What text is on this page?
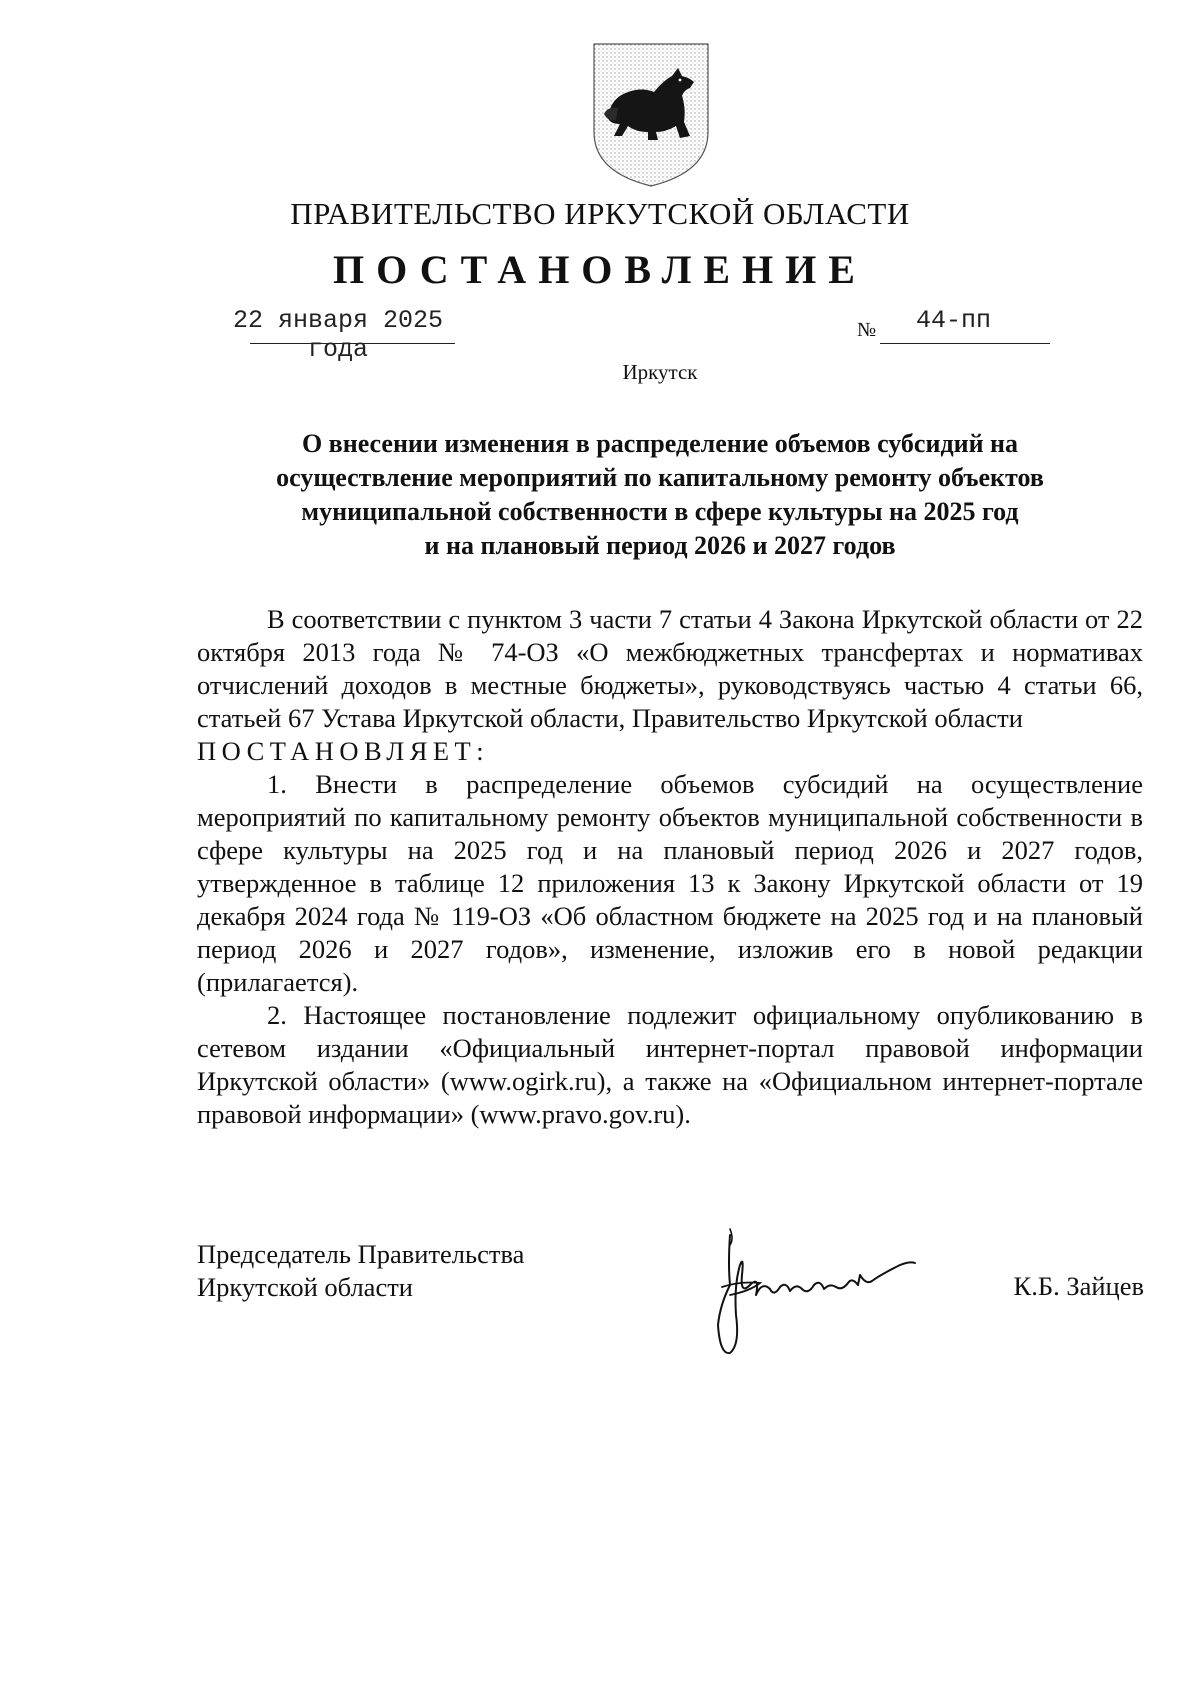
ПРАВИТЕЛЬСТВО ИРКУТСКОЙ ОБЛАСТИ
ПОСТАНОВЛЕНИЕ
22 января 2025 года
№	44-пп
Иркутск
О внесении изменения в распределение объемов субсидий на
осуществление мероприятий по капитальному ремонту объектов
муниципальной собственности в сфере культуры на 2025 год
и на плановый период 2026 и 2027 годов

В соответствии с пунктом 3 части 7 статьи 4 Закона Иркутской области от 22 октября 2013 года № 74-ОЗ «О межбюджетных трансфертах и нормативах отчислений доходов в местные бюджеты», руководствуясь частью 4 статьи 66, статьей 67 Устава Иркутской области, Правительство Иркутской области

ПОСТАНОВЛЯЕТ:

1. Внести в распределение объемов субсидий на осуществление мероприятий по капитальному ремонту объектов муниципальной собственности в сфере культуры на 2025 год и на плановый период 2026 и 2027 годов, утвержденное в таблице 12 приложения 13 к Закону Иркутской области от 19 декабря 2024 года № 119-ОЗ «Об областном бюджете на 2025 год и на плановый период 2026 и 2027 годов», изменение, изложив его в новой редакции (прилагается).

2. Настоящее постановление подлежит официальному опубликованию в сетевом издании «Официальный интернет-портал правовой информации Иркутской области» (www.ogirk.ru), а также на «Официальном интернет-портале правовой информации» (www.pravo.gov.ru).

Председатель Правительства
Иркутской области	К.Б. Зайцев
